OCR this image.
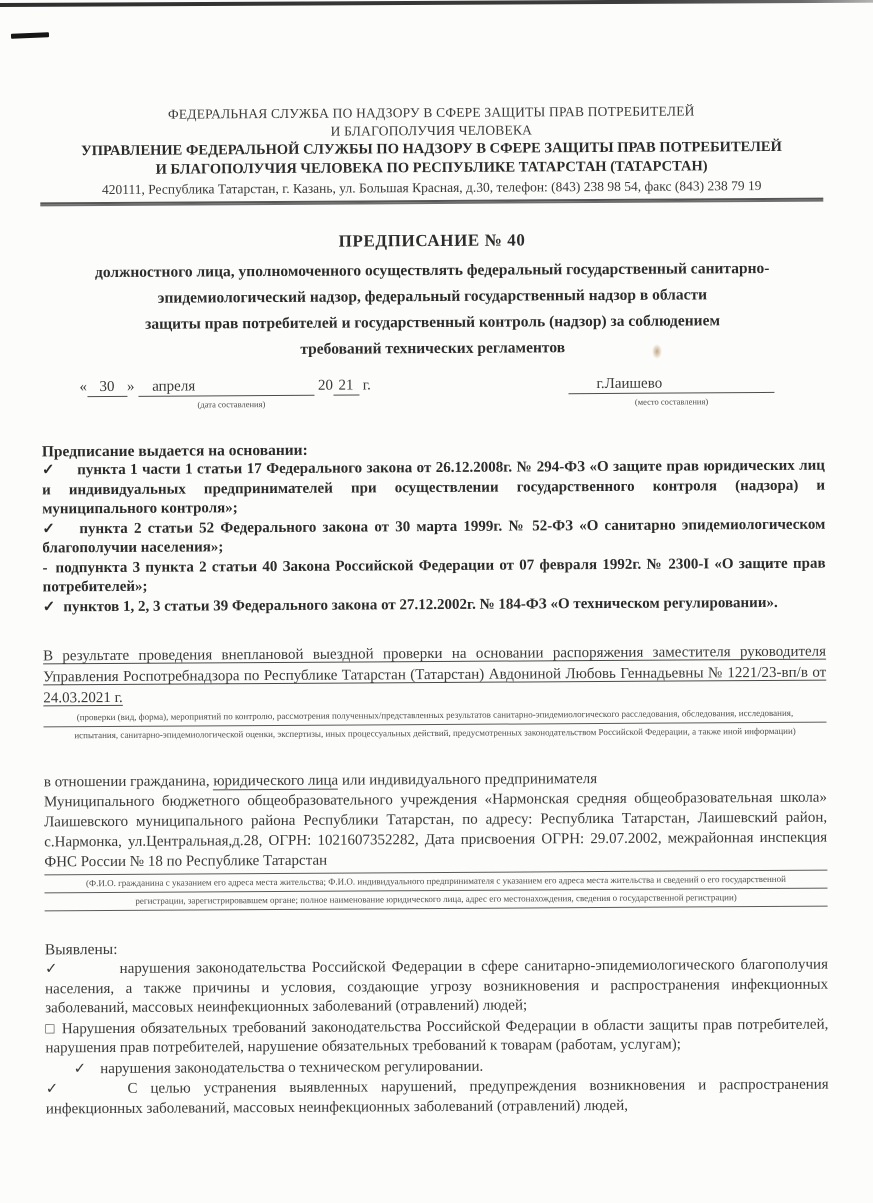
ФЕДЕРАЛЬНАЯ СЛУЖБА ПО НАДЗОРУ В СФЕРЕ ЗАЩИТЫ ПРАВ ПОТРЕБИТЕЛЕЙ
И БЛАГОПОЛУЧИЯ ЧЕЛОВЕКА
УПРАВЛЕНИЕ ФЕДЕРАЛЬНОЙ СЛУЖБЫ ПО НАДЗОРУ В СФЕРЕ ЗАЩИТЫ ПРАВ ПОТРЕБИТЕЛЕЙ
И БЛАГОПОЛУЧИЯ ЧЕЛОВЕКА ПО РЕСПУБЛИКЕ ТАТАРСТАН (ТАТАРСТАН)
420111, Республика Татарстан, г. Казань, ул. Большая Красная, д.30, телефон: (843) 238 98 54, факс (843) 238 79 19
ПРЕДПИСАНИЕ № 40
должностного лица, уполномоченного осуществлять федеральный государственный санитарно-
эпидемиологический надзор, федеральный государственный надзор в области
защиты прав потребителей и государственный контроль (надзор) за соблюдением
требований технических регламентов
« 30 » апреля	20 21 г.
(дата составления)
г.Лаишево
(место составления)
Предписание выдается на основании:
✓ пункта 1 части 1 статьи 17 Федерального закона от 26.12.2008г. № 294-ФЗ «О защите прав юридических лиц и индивидуальных предпринимателей при осуществлении государственного контроля (надзора) и муниципального контроля»;
✓ пункта 2 статьи 52 Федерального закона от 30 марта 1999г. № 52-ФЗ «О санитарно эпидемиологическом благополучии населения»;
- подпункта 3 пункта 2 статьи 40 Закона Российской Федерации от 07 февраля 1992г. № 2300-I «О защите прав потребителей»;
✓ пунктов 1, 2, 3 статьи 39 Федерального закона от 27.12.2002г. № 184-ФЗ «О техническом регулировании».
В результате проведения внеплановой выездной проверки на основании распоряжения заместителя руководителя Управления Роспотребнадзора по Республике Татарстан (Татарстан) Авдониной Любовь Геннадьевны № 1221/23-вп/в от 24.03.2021 г.
(проверки (вид, форма), мероприятий по контролю, рассмотрения полученных/представленных результатов санитарно-эпидемиологического расследования, обследования, исследования,
испытания, санитарно-эпидемиологической оценки, экспертизы, иных процессуальных действий, предусмотренных законодательством Российской Федерации, а также иной информации)
в отношении гражданина, юридического лица или индивидуального предпринимателя
Муниципального бюджетного общеобразовательного учреждения «Нармонская средняя общеобразовательная школа» Лаишевского муниципального района Республики Татарстан, по адресу: Республика Татарстан, Лаишевский район, с.Нармонка, ул.Центральная,д.28, ОГРН: 1021607352282, Дата присвоения ОГРН: 29.07.2002, межрайонная инспекция ФНС России № 18 по Республике Татарстан
(Ф.И.О. гражданина с указанием его адреса места жительства; Ф.И.О. индивидуального предпринимателя с указанием его адреса места жительства и сведений о его государственной
регистрации, зарегистрировавшем органе; полное наименование юридического лица, адрес его местонахождения, сведения о государственной регистрации)
Выявлены:
✓	нарушения законодательства Российской Федерации в сфере санитарно-эпидемиологического благополучия населения, а также причины и условия, создающие угрозу возникновения и распространения инфекционных заболеваний, массовых неинфекционных заболеваний (отравлений) людей;
□ Нарушения обязательных требований законодательства Российской Федерации в области защиты прав потребителей, нарушения прав потребителей, нарушение обязательных требований к товарам (работам, услугам);
✓ нарушения законодательства о техническом регулировании.
✓	С целью устранения выявленных нарушений, предупреждения возникновения и распространения инфекционных заболеваний, массовых неинфекционных заболеваний (отравлений) людей,
